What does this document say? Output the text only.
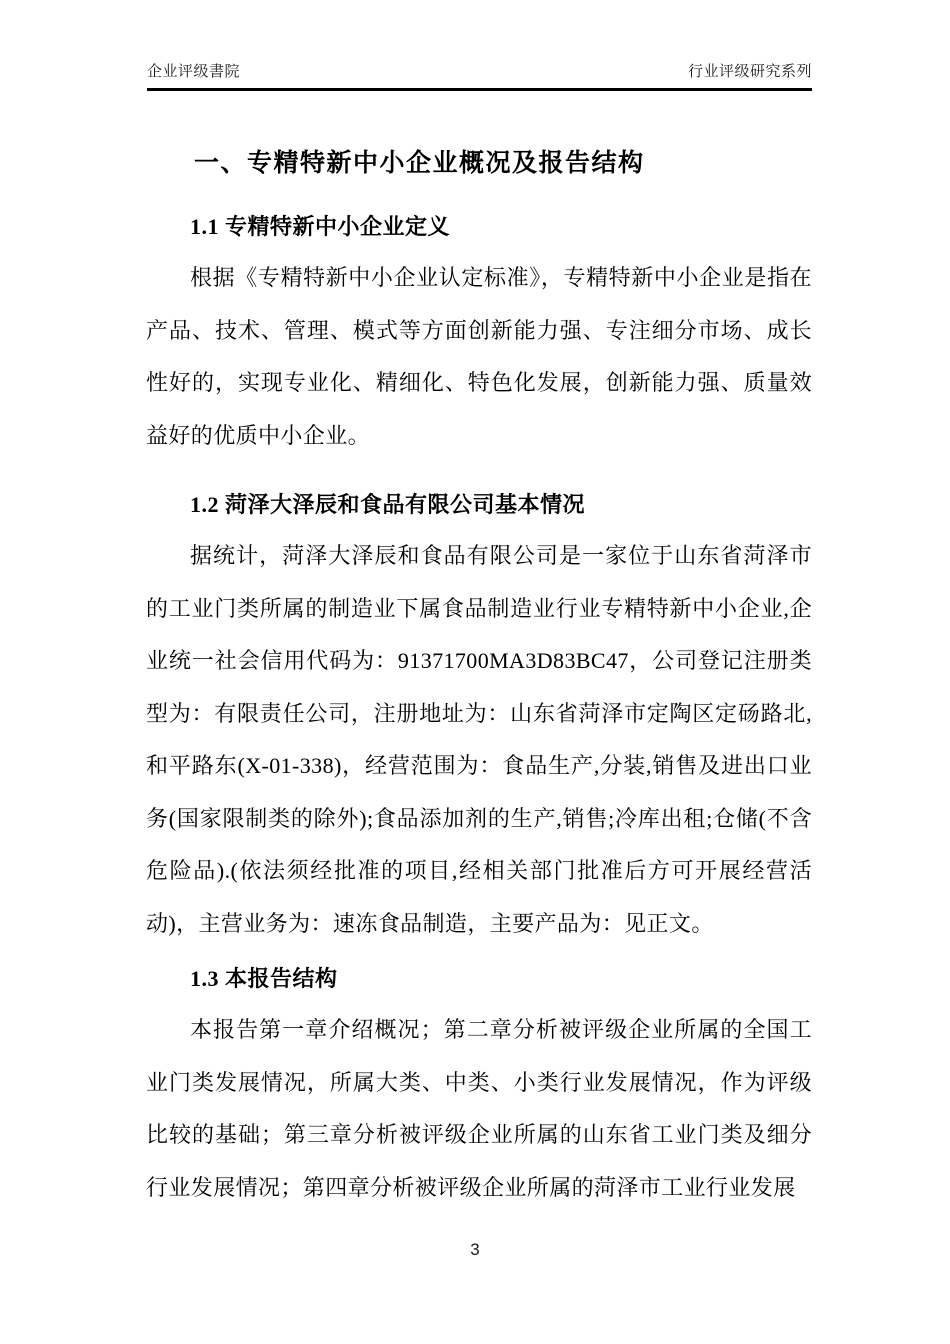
企业评级書院	行业评级研究系列
一、专精特新中小企业概况及报告结构
1.1 专精特新中小企业定义

根据《专精特新中小企业认定标准》，专精特新中小企业是指在产品、技术、管理、模式等方面创新能力强、专注细分市场、成长性好的，实现专业化、精细化、特色化发展，创新能力强、质量效益好的优质中小企业。

1.2 菏泽大泽辰和食品有限公司基本情况

据统计，菏泽大泽辰和食品有限公司是一家位于山东省菏泽市的工业门类所属的制造业下属食品制造业行业专精特新中小企业,企业统一社会信用代码为：91371700MA3D83BC47，公司登记注册类型为：有限责任公司，注册地址为：山东省菏泽市定陶区定砀路北,和平路东(X-01-338)，经营范围为：食品生产,分装,销售及进出口业务(国家限制类的除外);食品添加剂的生产,销售;冷库出租;仓储(不含危险品).(依法须经批准的项目,经相关部门批准后方可开展经营活动)，主营业务为：速冻食品制造，主要产品为：见正文。

1.3 本报告结构

本报告第一章介绍概况；第二章分析被评级企业所属的全国工业门类发展情况，所属大类、中类、小类行业发展情况，作为评级比较的基础；第三章分析被评级企业所属的山东省工业门类及细分行业发展情况；第四章分析被评级企业所属的菏泽市工业行业发展

3
